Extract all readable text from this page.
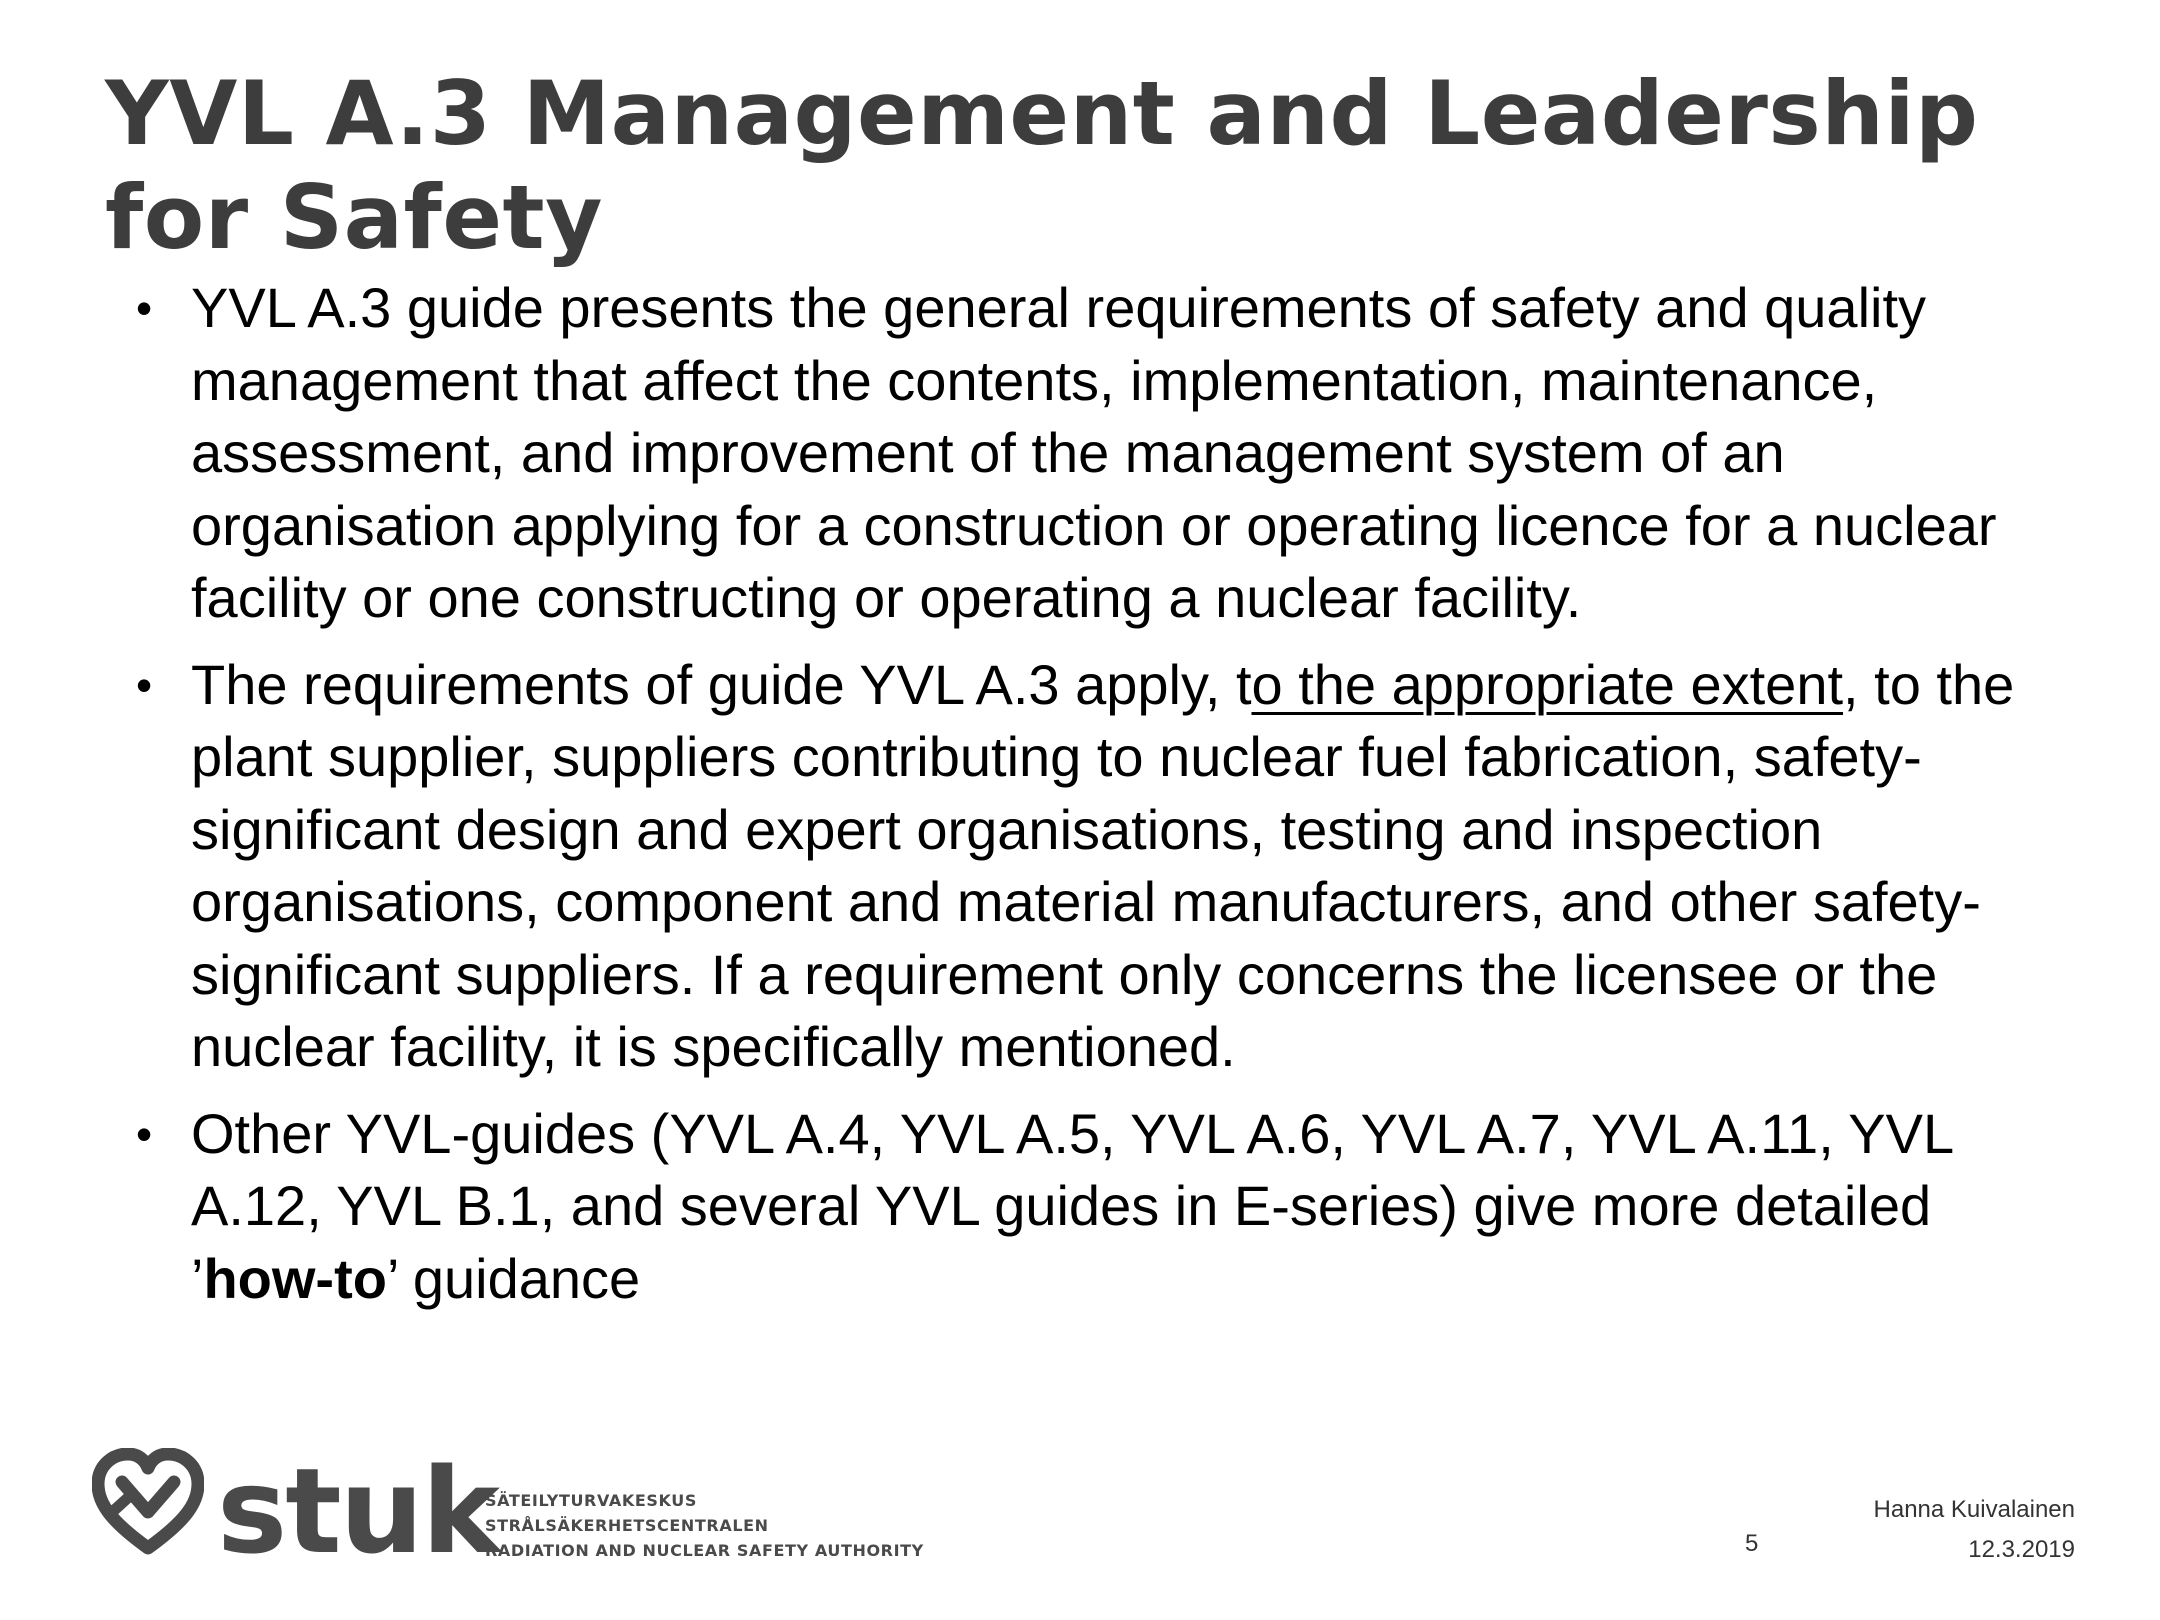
YVL A.3 Management and Leadership for Safety
• YVL A.3 guide presents the general requirements of safety and quality management that affect the contents, implementation, maintenance, assessment, and improvement of the management system of an organisation applying for a construction or operating licence for a nuclear facility or one constructing or operating a nuclear facility.
• The requirements of guide YVL A.3 apply, to the appropriate extent, to the plant supplier, suppliers contributing to nuclear fuel fabrication, safety-significant design and expert organisations, testing and inspection organisations, component and material manufacturers, and other safety-significant suppliers. If a requirement only concerns the licensee or the nuclear facility, it is specifically mentioned.
• Other YVL-guides (YVL A.4, YVL A.5, YVL A.6, YVL A.7, YVL A.11, YVL A.12, YVL B.1, and several YVL guides in E-series) give more detailed ’how-to’ guidance
stuk
SÄTEILYTURVAKESKUS
STRÅLSÄKERHETSCENTRALEN
RADIATION AND NUCLEAR SAFETY AUTHORITY	5
Hanna Kuivalainen
12.3.2019
